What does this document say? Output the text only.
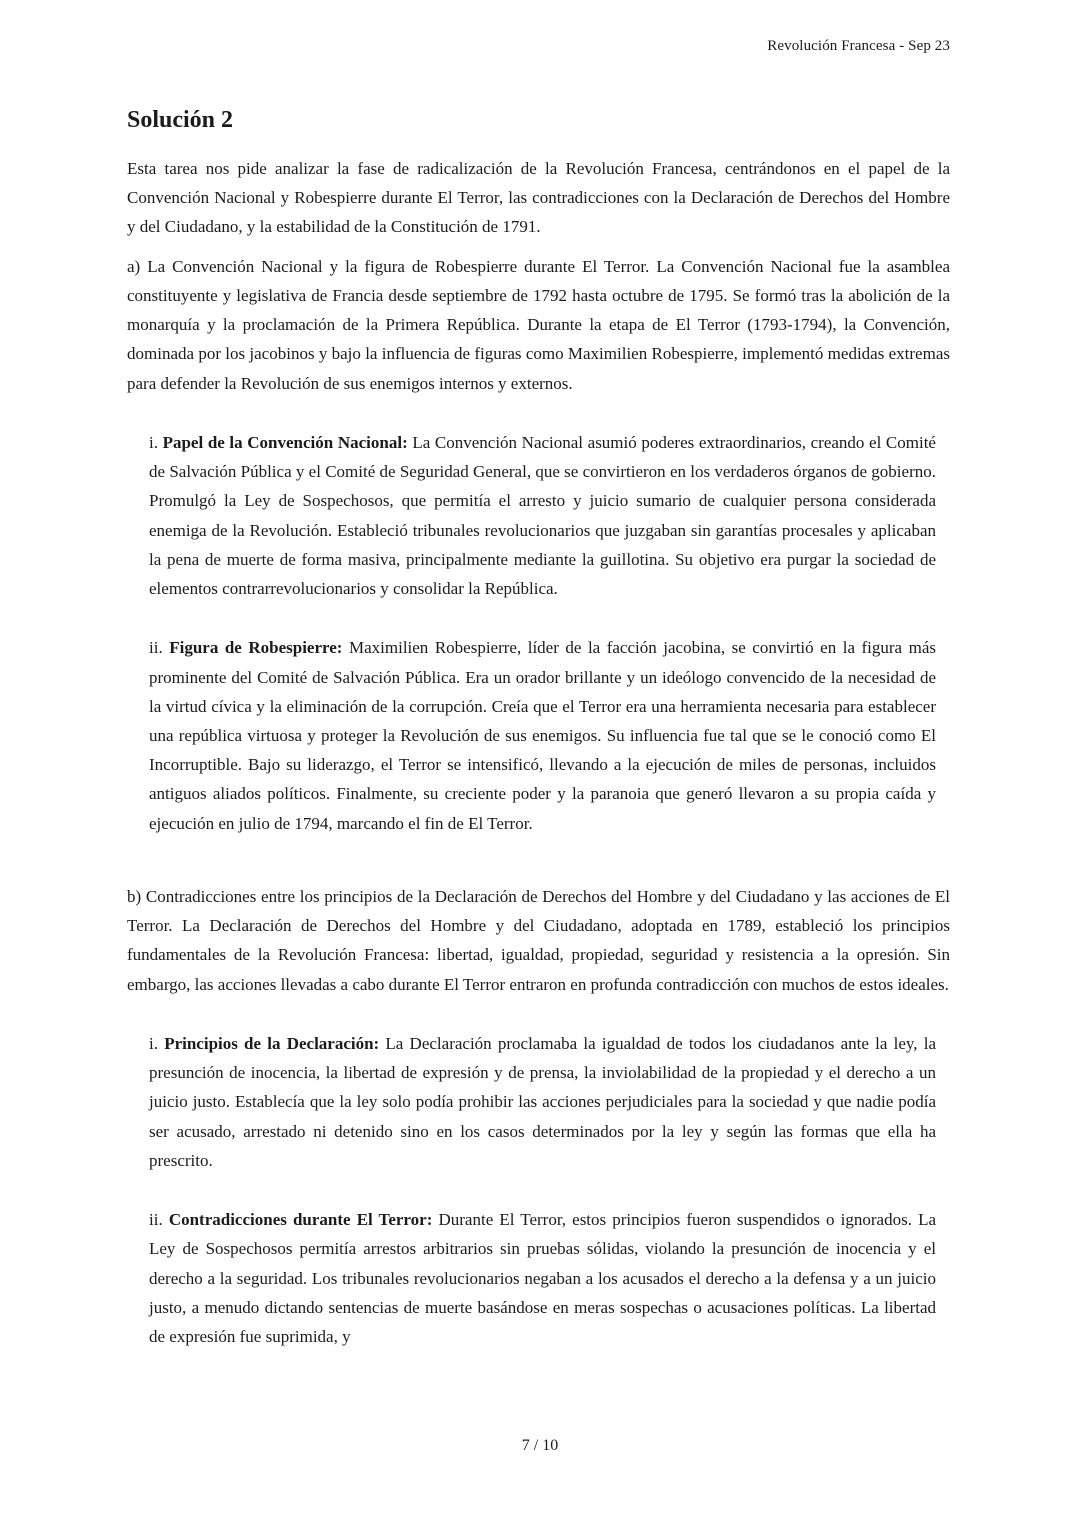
Revolución Francesa - Sep 23
Solución 2

Esta tarea nos pide analizar la fase de radicalización de la Revolución Francesa, centrándonos en el papel de la Convención Nacional y Robespierre durante El Terror, las contradicciones con la Declaración de Derechos del Hombre y del Ciudadano, y la estabilidad de la Constitución de 1791.

a) La Convención Nacional y la figura de Robespierre durante El Terror. La Convención Nacional fue la asamblea constituyente y legislativa de Francia desde septiembre de 1792 hasta octubre de 1795. Se formó tras la abolición de la monarquía y la proclamación de la Primera República. Durante la etapa de El Terror (1793-1794), la Convención, dominada por los jacobinos y bajo la influencia de figuras como Maximilien Robespierre, implementó medidas extremas para defender la Revolución de sus enemigos internos y externos.

i. Papel de la Convención Nacional: La Convención Nacional asumió poderes extraordinarios, creando el Comité de Salvación Pública y el Comité de Seguridad General, que se convirtieron en los verdaderos órganos de gobierno. Promulgó la Ley de Sospechosos, que permitía el arresto y juicio sumario de cualquier persona considerada enemiga de la Revolución. Estableció tribunales revolucionarios que juzgaban sin garantías procesales y aplicaban la pena de muerte de forma masiva, principalmente mediante la guillotina. Su objetivo era purgar la sociedad de elementos contrarrevolucionarios y consolidar la República.
ii. Figura de Robespierre: Maximilien Robespierre, líder de la facción jacobina, se convirtió en la figura más prominente del Comité de Salvación Pública. Era un orador brillante y un ideólogo convencido de la necesidad de la virtud cívica y la eliminación de la corrupción. Creía que el Terror era una herramienta necesaria para establecer una república virtuosa y proteger la Revolución de sus enemigos. Su influencia fue tal que se le conoció como El Incorruptible. Bajo su liderazgo, el Terror se intensificó, llevando a la ejecución de miles de personas, incluidos antiguos aliados políticos. Finalmente, su creciente poder y la paranoia que generó llevaron a su propia caída y ejecución en julio de 1794, marcando el fin de El Terror.

b) Contradicciones entre los principios de la Declaración de Derechos del Hombre y del Ciudadano y las acciones de El Terror. La Declaración de Derechos del Hombre y del Ciudadano, adoptada en 1789, estableció los principios fundamentales de la Revolución Francesa: libertad, igualdad, propiedad, seguridad y resistencia a la opresión. Sin embargo, las acciones llevadas a cabo durante El Terror entraron en profunda contradicción con muchos de estos ideales.

i. Principios de la Declaración: La Declaración proclamaba la igualdad de todos los ciudadanos ante la ley, la presunción de inocencia, la libertad de expresión y de prensa, la inviolabilidad de la propiedad y el derecho a un juicio justo. Establecía que la ley solo podía prohibir las acciones perjudiciales para la sociedad y que nadie podía ser acusado, arrestado ni detenido sino en los casos determinados por la ley y según las formas que ella ha prescrito.
ii. Contradicciones durante El Terror: Durante El Terror, estos principios fueron suspendidos o ignorados. La Ley de Sospechosos permitía arrestos arbitrarios sin pruebas sólidas, violando la presunción de inocencia y el derecho a la seguridad. Los tribunales revolucionarios negaban a los acusados el derecho a la defensa y a un juicio justo, a menudo dictando sentencias de muerte basándose en meras sospechas o acusaciones políticas. La libertad de expresión fue suprimida, y
7 / 10
